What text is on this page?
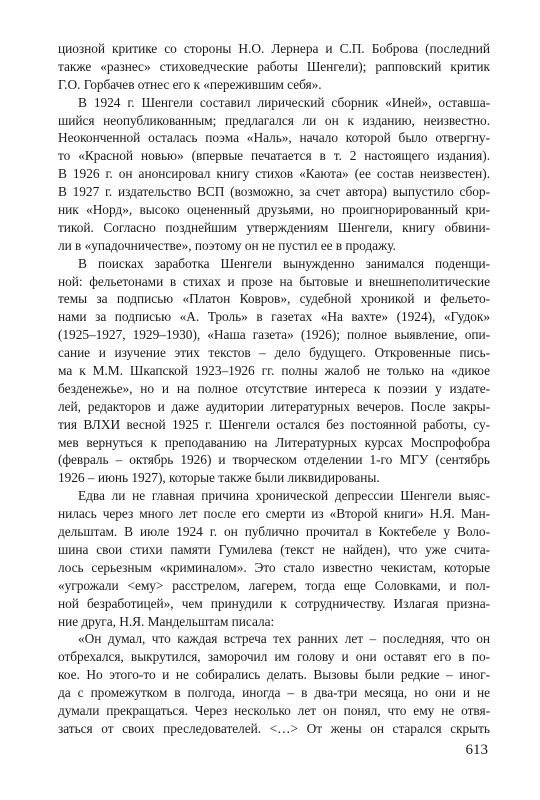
циозной критике со стороны Н.О. Лернера и С.П. Боброва (последний
также «разнес» стиховедческие работы Шенгели); рапповский критик
Г.О. Горбачев отнес его к «пережившим себя».
В 1924 г. Шенгели составил лирический сборник «Иней», оставша-
шийся неопубликованным; предлагался ли он к изданию, неизвестно.
Неоконченной осталась поэма «Наль», начало которой было отвергну-
то «Красной новью» (впервые печатается в т. 2 настоящего издания).
В 1926 г. он анонсировал книгу стихов «Каюта» (ее состав неизвестен).
В 1927 г. издательство ВСП (возможно, за счет автора) выпустило сбор-
ник «Норд», высоко оцененный друзьями, но проигнорированный кри-
тикой. Согласно позднейшим утверждениям Шенгели, книгу обвини-
ли в «упадочничестве», поэтому он не пустил ее в продажу.
В поисках заработка Шенгели вынужденно занимался поденщи-
ной: фельетонами в стихах и прозе на бытовые и внешнеполитические
темы за подписью «Платон Ковров», судебной хроникой и фельето-
нами за подписью «А. Троль» в газетах «На вахте» (1924), «Гудок»
(1925–1927, 1929–1930), «Наша газета» (1926); полное выявление, опи-
сание и изучение этих текстов – дело будущего. Откровенные пись-
ма к М.М. Шкапской 1923–1926 гг. полны жалоб не только на «дикое
безденежье», но и на полное отсутствие интереса к поэзии у издате-
лей, редакторов и даже аудитории литературных вечеров. После закры-
тия ВЛХИ весной 1925 г. Шенгели остался без постоянной работы, су-
мев вернуться к преподаванию на Литературных курсах Моспрофобра
(февраль – октябрь 1926) и творческом отделении 1-го МГУ (сентябрь
1926 – июнь 1927), которые также были ликвидированы.
Едва ли не главная причина хронической депрессии Шенгели выяс-
нилась через много лет после его смерти из «Второй книги» Н.Я. Ман-
дельштам. В июле 1924 г. он публично прочитал в Коктебеле у Воло-
шина свои стихи памяти Гумилева (текст не найден), что уже счита-
лось серьезным «криминалом». Это стало известно чекистам, которые
«угрожали <ему> расстрелом, лагерем, тогда еще Соловками, и пол-
ной безработицей», чем принудили к сотрудничеству. Излагая призна-
ние друга, Н.Я. Мандельштам писала:
«Он думал, что каждая встреча тех ранних лет – последняя, что он
отбрехался, выкрутился, заморочил им голову и они оставят его в по-
кое. Но этого-то и не собирались делать. Вызовы были редкие – иног-
да с промежутком в полгода, иногда – в два-три месяца, но они и не
думали прекращаться. Через несколько лет он понял, что ему не отвя-
заться от своих преследователей. <…> От жены он старался скрыть
613
